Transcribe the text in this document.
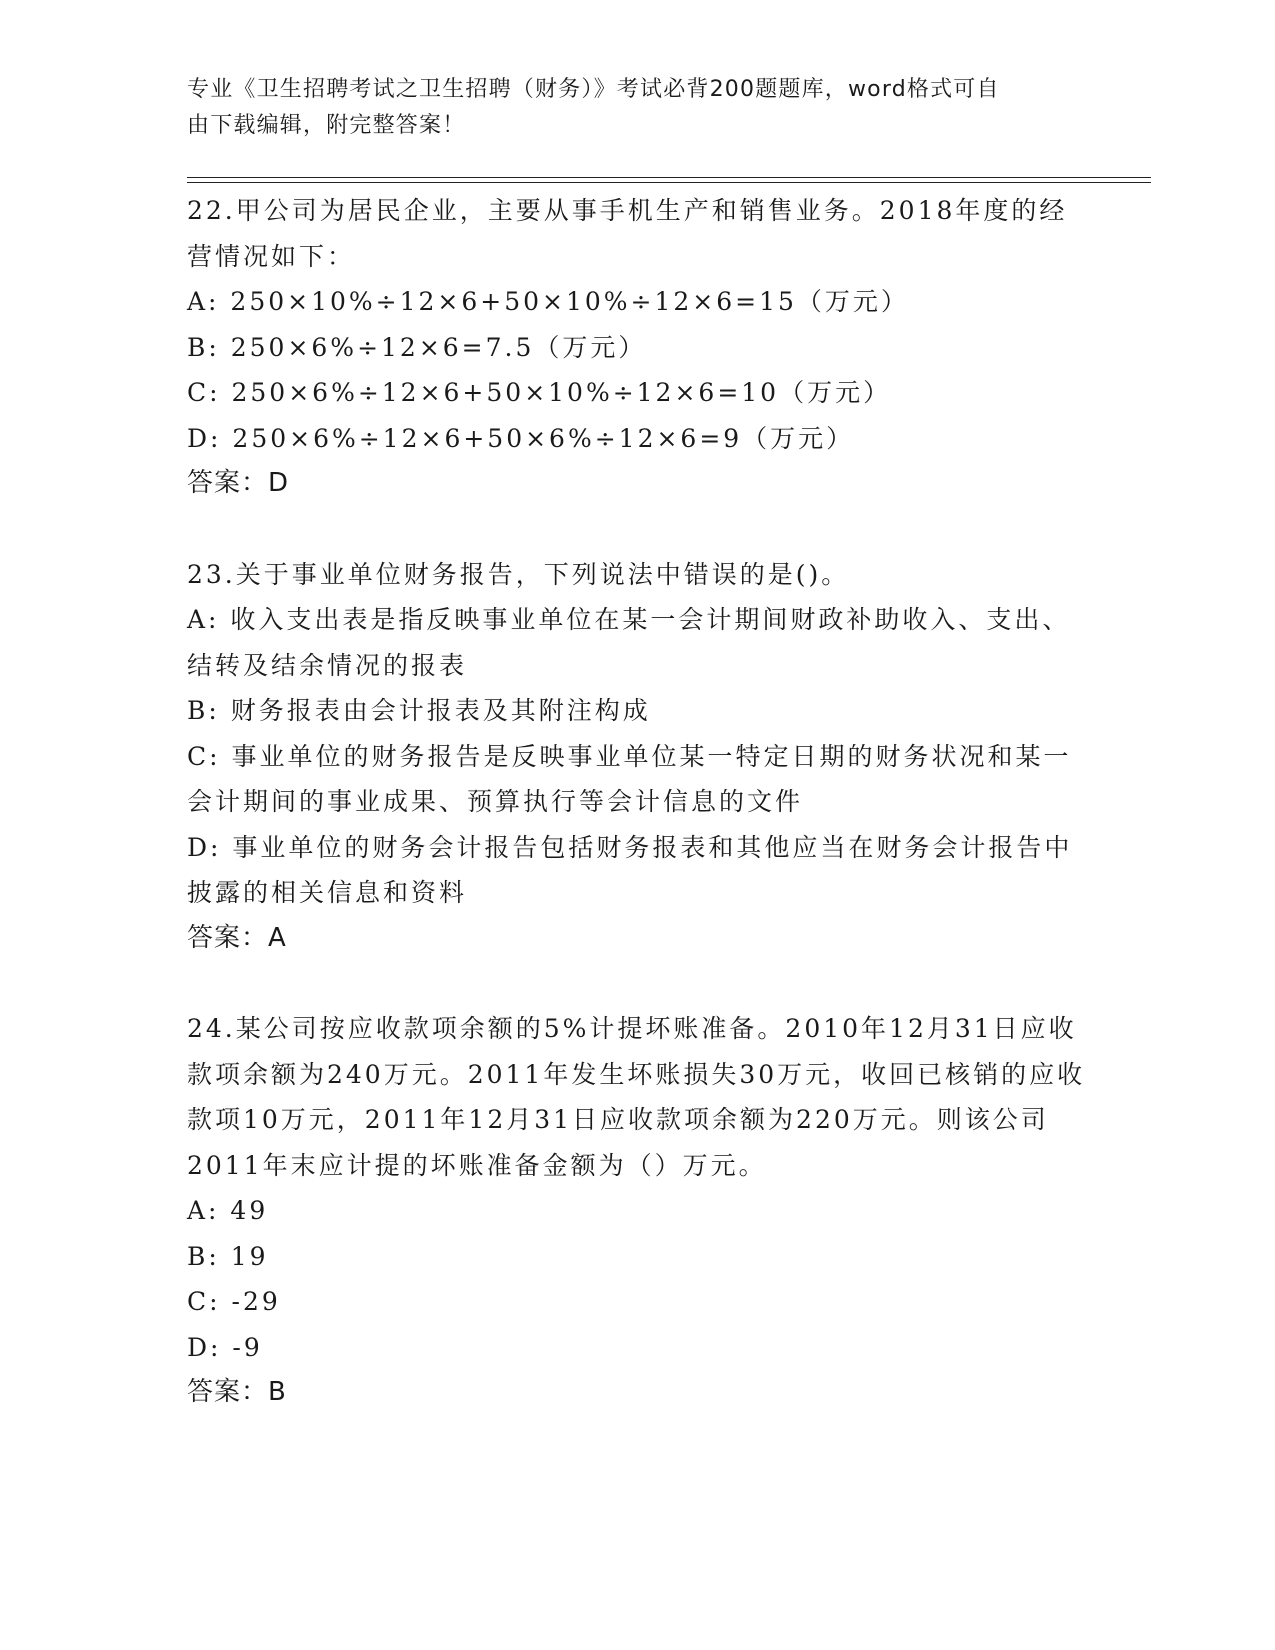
专业《卫生招聘考试之卫生招聘（财务）》考试必背200题题库，word格式可自
由下载编辑，附完整答案！

22.甲公司为居民企业，主要从事手机生产和销售业务。2018年度的经营情况如下：

A: 250×10%÷12×6+50×10%÷12×6=15（万元）

B: 250×6%÷12×6=7.5（万元）

C: 250×6%÷12×6+50×10%÷12×6=10（万元）

D: 250×6%÷12×6+50×6%÷12×6=9（万元）

答案：D

23.关于事业单位财务报告，下列说法中错误的是()。

A: 收入支出表是指反映事业单位在某一会计期间财政补助收入、支出、结转及结余情况的报表

B: 财务报表由会计报表及其附注构成

C: 事业单位的财务报告是反映事业单位某一特定日期的财务状况和某一会计期间的事业成果、预算执行等会计信息的文件

D: 事业单位的财务会计报告包括财务报表和其他应当在财务会计报告中披露的相关信息和资料

答案：A

24.某公司按应收款项余额的5%计提坏账准备。2010年12月31日应收款项余额为240万元。2011年发生坏账损失30万元，收回已核销的应收款项10万元，2011年12月31日应收款项余额为220万元。则该公司2011年末应计提的坏账准备金额为（）万元。

A: 49

B: 19

C: -29

D: -9

答案：B
